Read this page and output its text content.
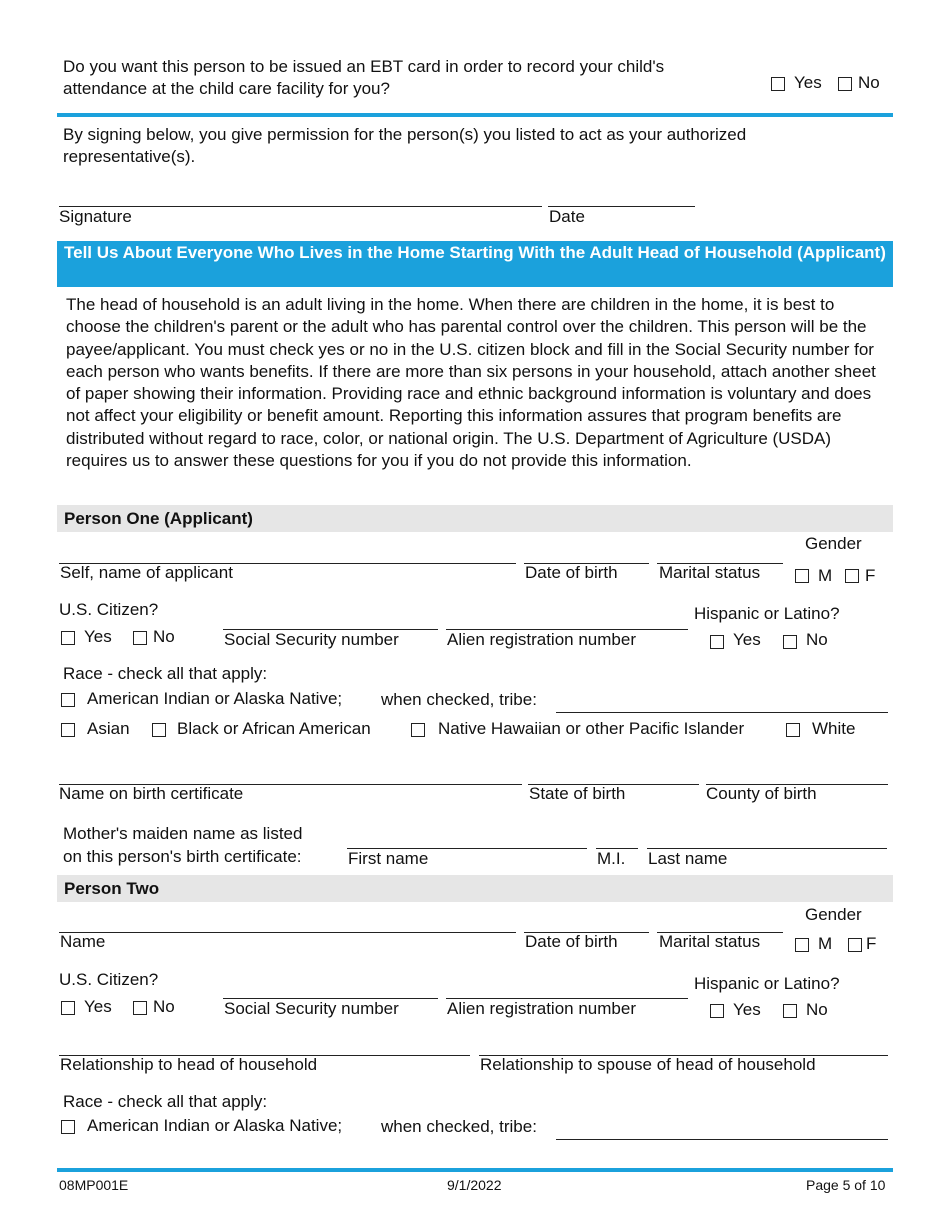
Do you want this person to be issued an EBT card in order to record your child's
attendance at the child care facility for you?	Yes No
By signing below, you give permission for the person(s) you listed to act as your authorized representative(s).
Signature	Date
Tell Us About Everyone Who Lives in the Home Starting With the Adult Head of Household (Applicant)
The head of household is an adult living in the home. When there are children in the home, it is best to choose the children's parent or the adult who has parental control over the children. This person will be the payee/applicant. You must check yes or no in the U.S. citizen block and fill in the Social Security number for each person who wants benefits. If there are more than six persons in your household, attach another sheet of paper showing their information. Providing race and ethnic background information is voluntary and does not affect your eligibility or benefit amount. Reporting this information assures that program benefits are distributed without regard to race, color, or national origin. The U.S. Department of Agriculture (USDA) requires us to answer these questions for you if you do not provide this information.
Person One (Applicant)
Gender
Self, name of applicant	Date of birth Marital status	M F
U.S. Citizen?	Hispanic or Latino?
Yes No	Social Security number	Alien registration number	Yes	No
Race - check all that apply:
American Indian or Alaska Native; when checked, tribe:
Asian	Black or African American	Native Hawaiian or other Pacific Islander	White
Name on birth certificate	State of birth	County of birth
Mother's maiden name as listed
on this person's birth certificate:	First name	M.I. Last name
Person Two
Gender
Name	Date of birth Marital status	M F
U.S. Citizen?	Hispanic or Latino?
Yes No	Social Security number	Alien registration number	Yes	No
Relationship to head of household	Relationship to spouse of head of household
Race - check all that apply:
American Indian or Alaska Native; when checked, tribe:
08MP001E	9/1/2022	Page 5 of 10
